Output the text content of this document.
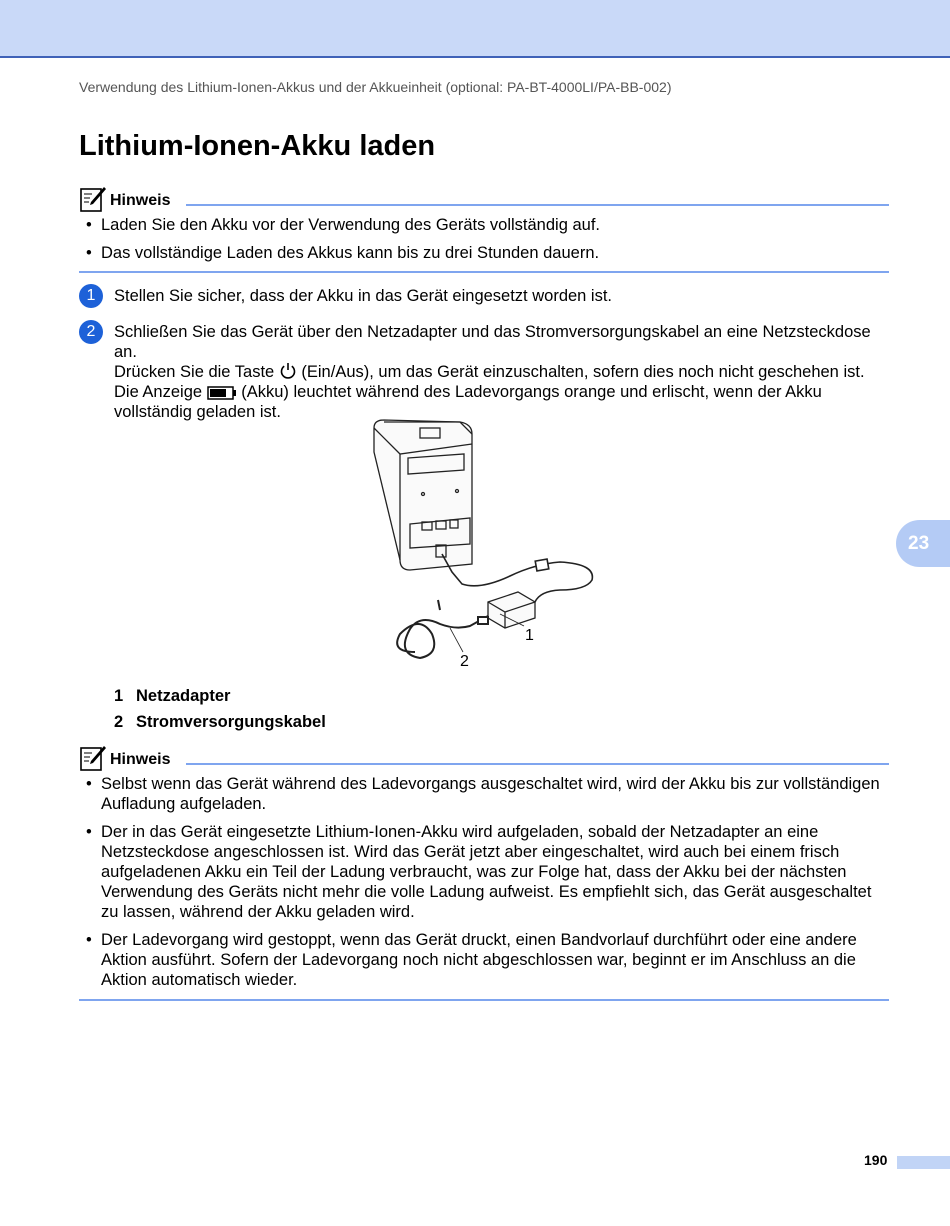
Verwendung des Lithium-Ionen-Akkus und der Akkueinheit (optional: PA-BT-4000LI/PA-BB-002)
Lithium-Ionen-Akku laden
Hinweis
• Laden Sie den Akku vor der Verwendung des Geräts vollständig auf.
• Das vollständige Laden des Akkus kann bis zu drei Stunden dauern.
1	Stellen Sie sicher, dass der Akku in das Gerät eingesetzt worden ist.
2	Schließen Sie das Gerät über den Netzadapter und das Stromversorgungskabel an eine Netzsteckdose an.
Drücken Sie die Taste (Ein/Aus), um das Gerät einzuschalten, sofern dies noch nicht geschehen ist.
Die Anzeige (Akku) leuchtet während des Ladevorgangs orange und erlischt, wenn der Akku vollständig geladen ist.
1
2
1 Netzadapter
2 Stromversorgungskabel
Hinweis
• Selbst wenn das Gerät während des Ladevorgangs ausgeschaltet wird, wird der Akku bis zur vollständigen Aufladung aufgeladen.
• Der in das Gerät eingesetzte Lithium-Ionen-Akku wird aufgeladen, sobald der Netzadapter an eine Netzsteckdose angeschlossen ist. Wird das Gerät jetzt aber eingeschaltet, wird auch bei einem frisch aufgeladenen Akku ein Teil der Ladung verbraucht, was zur Folge hat, dass der Akku bei der nächsten Verwendung des Geräts nicht mehr die volle Ladung aufweist. Es empfiehlt sich, das Gerät ausgeschaltet zu lassen, während der Akku geladen wird.
• Der Ladevorgang wird gestoppt, wenn das Gerät druckt, einen Bandvorlauf durchführt oder eine andere Aktion ausführt. Sofern der Ladevorgang noch nicht abgeschlossen war, beginnt er im Anschluss an die Aktion automatisch wieder.
23
190
